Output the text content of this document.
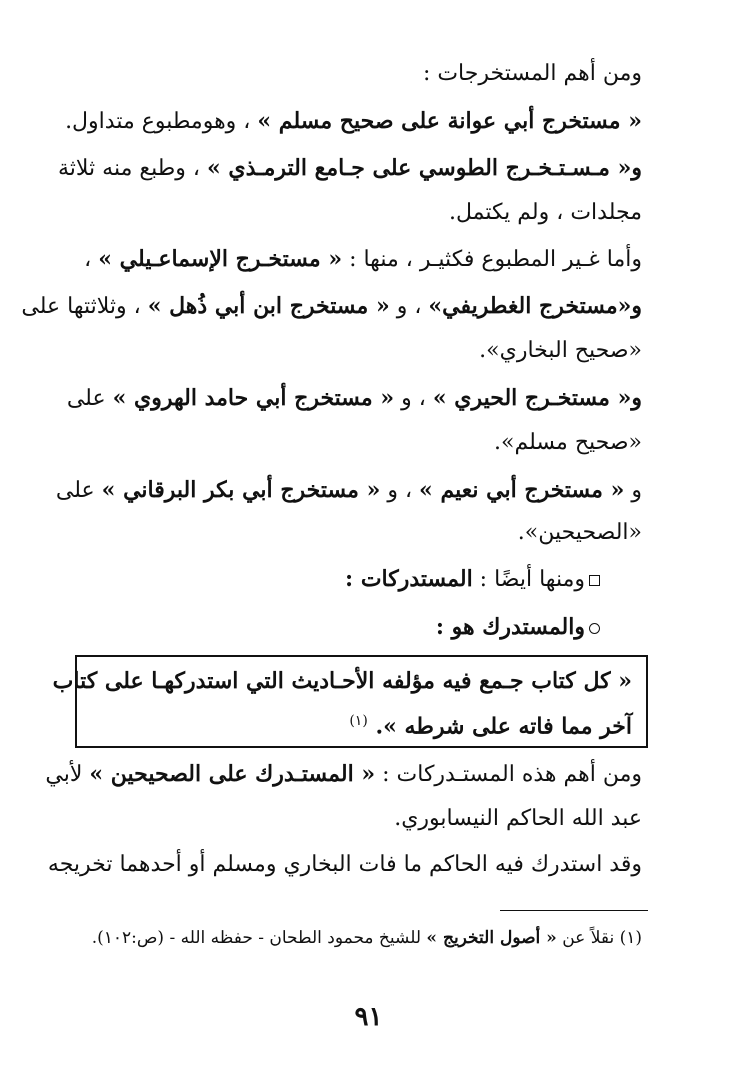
ومن أهم المستخرجات :
« مستخرج أبي عوانة على صحيح مسلم » ، وهومطبوع متداول.
و« مـسـتـخـرج الطوسي على جـامع الترمـذي » ، وطبع منه ثلاثة
مجلدات ، ولم يكتمل.
وأما غـير المطبوع فكثيـر ، منها : « مستخـرج الإسماعـيلي » ،
و«مستخرج الغطريفي» ، و « مستخرج ابن أبي ذُهل » ، وثلاثتها على
«صحيح البخاري».
و« مستخـرج الحيري » ، و « مستخرج أبي حامد الهروي » على
«صحيح مسلم».
و « مستخرج أبي نعيم » ، و « مستخرج أبي بكر البرقاني » على
«الصحيحين».
ومنها أيضًا : المستدركات :
والمستدرك هو :
« كل كتاب جـمع فيه مؤلفه الأحـاديث التي استدركهـا على كتاب
آخر مما فاته على شرطه ». $^{(١)}$
ومن أهم هذه المستـدركات : « المستـدرك على الصحيحين » لأبي
عبد الله الحاكم النيسابوري.
وقد استدرك فيه الحاكم ما فات البخاري ومسلم أو أحدهما تخريجه
(١) نقلاً عن « أصول التخريج » للشيخ محمود الطحان - حفظه الله - (ص:١٠٢).
٩١
